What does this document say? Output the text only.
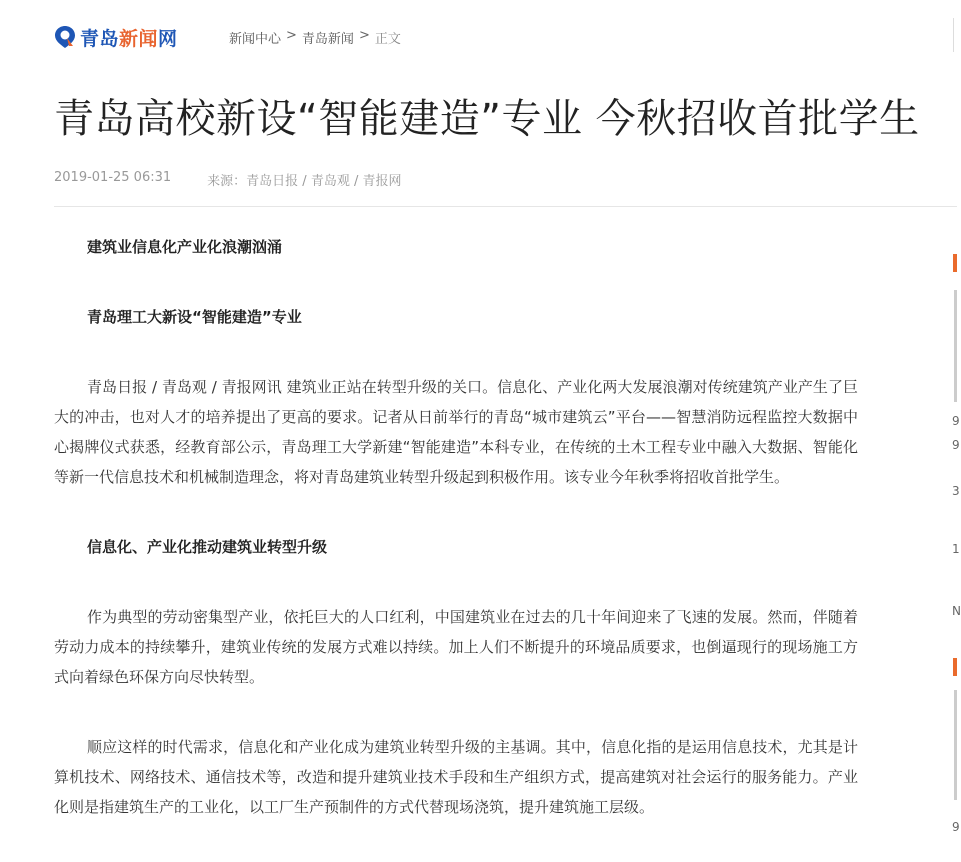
青岛新闻网	新闻中心 > 青岛新闻 > 正文
青岛高校新设“智能建造”专业 今秋招收首批学生
2019-01-25 06:31	来源： 青岛日报 / 青岛观 / 青报网

建筑业信息化产业化浪潮汹涌

青岛理工大新设“智能建造”专业

青岛日报 / 青岛观 / 青报网讯 建筑业正站在转型升级的关口。信息化、产业化两大发展浪潮对传统建筑产业产生了巨大的冲击，也对人才的培养提出了更高的要求。记者从日前举行的青岛“城市建筑云”平台——智慧消防远程监控大数据中心揭牌仪式获悉，经教育部公示，青岛理工大学新建“智能建造”本科专业，在传统的土木工程专业中融入大数据、智能化等新一代信息技术和机械制造理念，将对青岛建筑业转型升级起到积极作用。该专业今年秋季将招收首批学生。

信息化、产业化推动建筑业转型升级

作为典型的劳动密集型产业，依托巨大的人口红利，中国建筑业在过去的几十年间迎来了飞速的发展。然而，伴随着劳动力成本的持续攀升，建筑业传统的发展方式难以持续。加上人们不断提升的环境品质要求，也倒逼现行的现场施工方式向着绿色环保方向尽快转型。

顺应这样的时代需求，信息化和产业化成为建筑业转型升级的主基调。其中，信息化指的是运用信息技术，尤其是计算机技术、网络技术、通信技术等，改造和提升建筑业技术手段和生产组织方式，提高建筑对社会运行的服务能力。产业化则是指建筑生产的工业化，以工厂生产预制件的方式代替现场浇筑，提升建筑施工层级。

9
9
3
1
N
9
